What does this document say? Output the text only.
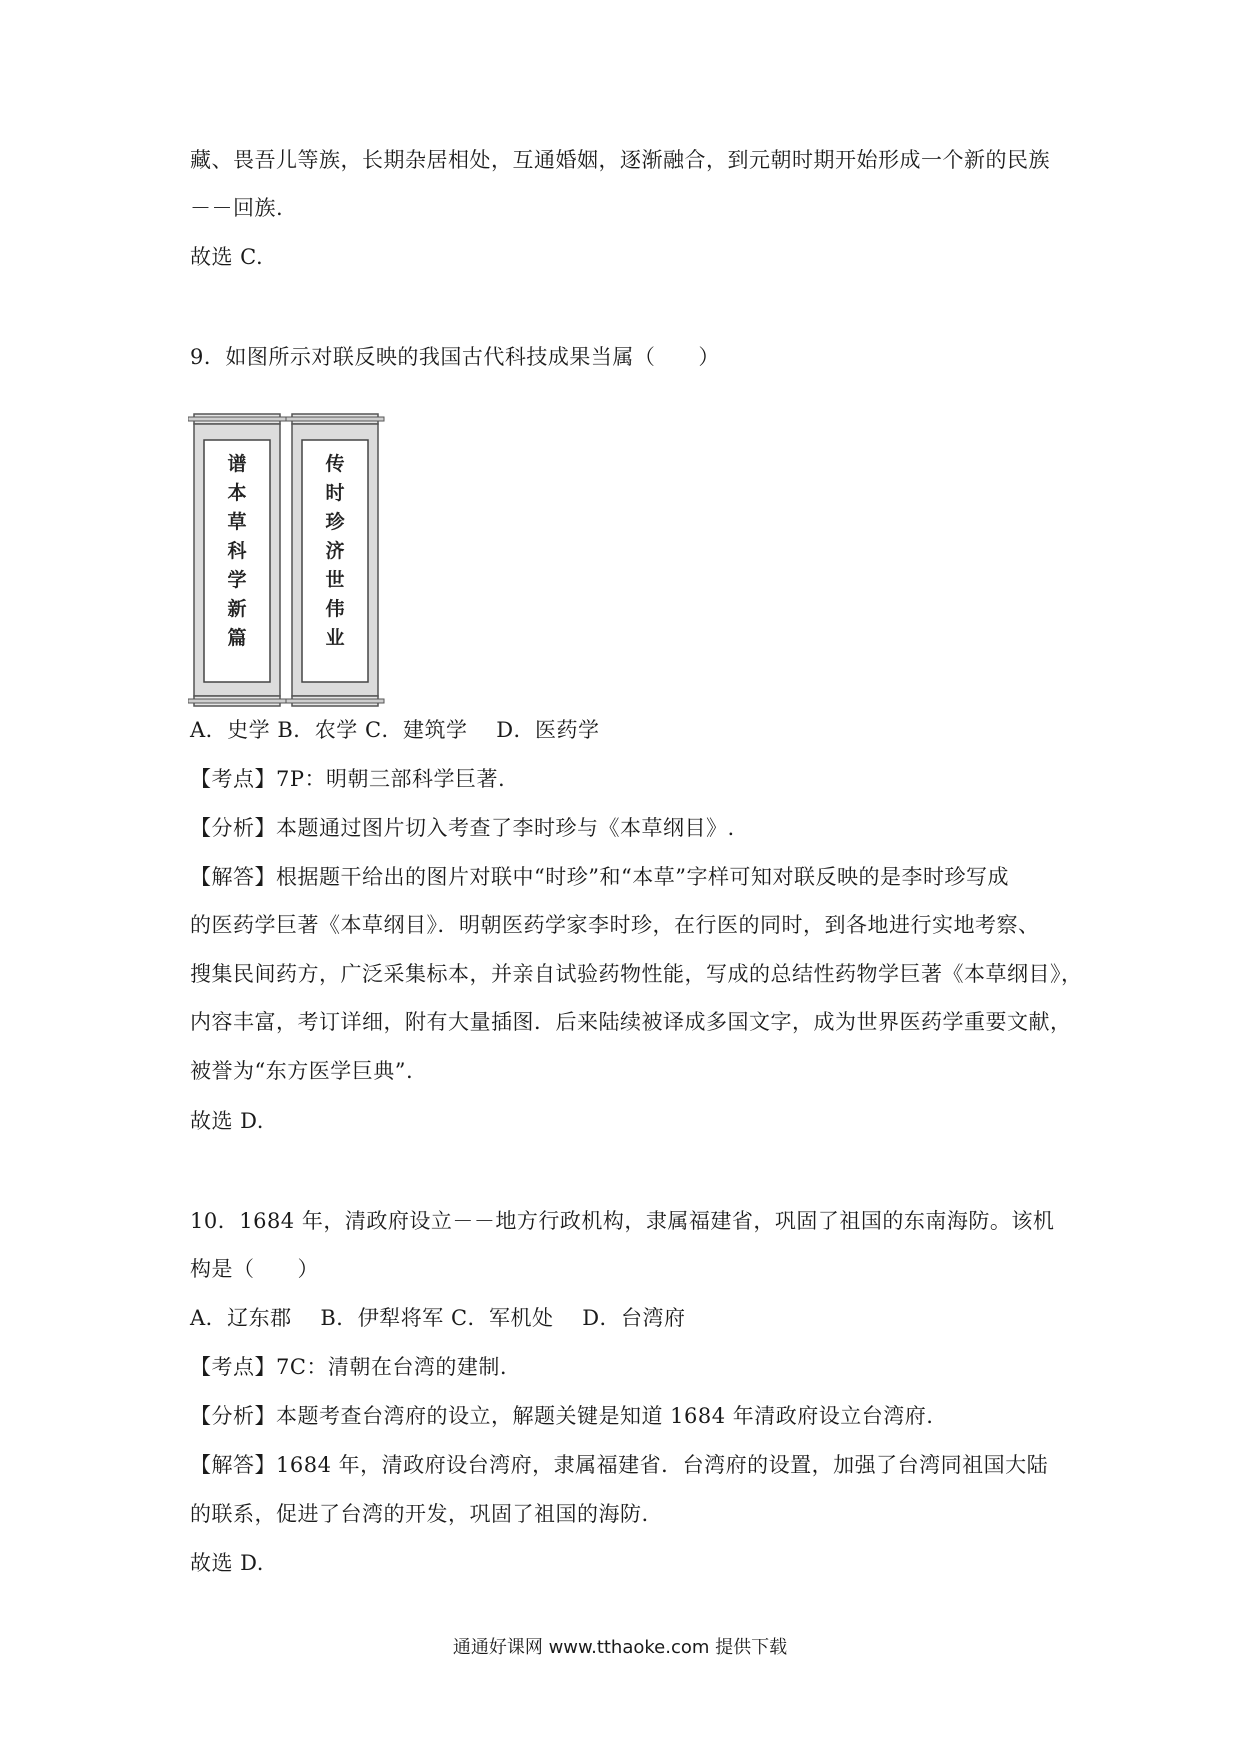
藏、畏吾儿等族，长期杂居相处，互通婚姻，逐渐融合，到元朝时期开始形成一个新的民族
－－回族.
故选 C.
9．如图所示对联反映的我国古代科技成果当属（　　）
A．史学 B．农学 C．建筑学　 D．医药学
【考点】7P：明朝三部科学巨著.
【分析】本题通过图片切入考查了李时珍与《本草纲目》.
【解答】根据题干给出的图片对联中“时珍”和“本草”字样可知对联反映的是李时珍写成
的医药学巨著《本草纲目》．明朝医药学家李时珍，在行医的同时，到各地进行实地考察、
搜集民间药方，广泛采集标本，并亲自试验药物性能，写成的总结性药物学巨著《本草纲目》，
内容丰富，考订详细，附有大量插图．后来陆续被译成多国文字，成为世界医药学重要文献，
被誉为“东方医学巨典”.
故选 D.
10．1684 年，清政府设立－－地方行政机构，隶属福建省，巩固了祖国的东南海防。该机
构是（　　）
A．辽东郡　 B．伊犁将军 C．军机处　 D．台湾府
【考点】7C：清朝在台湾的建制.
【分析】本题考查台湾府的设立，解题关键是知道 1684 年清政府设立台湾府.
【解答】1684 年，清政府设台湾府，隶属福建省．台湾府的设置，加强了台湾同祖国大陆
的联系，促进了台湾的开发，巩固了祖国的海防.
故选 D.
谱
本
草
科
学
新
篇
传
时
珍
济
世
伟
业
通通好课网 www.tthaoke.com 提供下载
